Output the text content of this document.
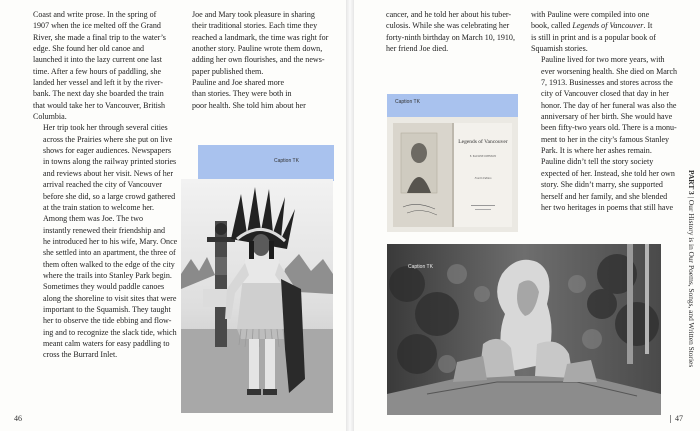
Coast and write prose. In the spring of
1907 when the ice melted off the Grand
River, she made a final trip to the water’s
edge. She found her old canoe and
launched it into the lazy current one last
time. After a few hours of paddling, she
landed her vessel and left it by the river-
bank. The next day she boarded the train
that would take her to Vancouver, British
Columbia.

Her trip took her through several cities
across the Prairies where she put on live
shows for eager audiences. Newspapers
in towns along the railway printed stories
and reviews about her visit. News of her
arrival reached the city of Vancouver
before she did, so a large crowd gathered
at the train station to welcome her.

Among them was Joe. The two
instantly renewed their friendship and
he introduced her to his wife, Mary. Once
she settled into an apartment, the three of
them often walked to the edge of the city
where the trails into Stanley Park begin.
Sometimes they would paddle canoes
along the shoreline to visit sites that were
important to the Squamish. They taught
her to observe the tide ebbing and flow-
ing and to recognize the slack tide, which
meant calm waters for easy paddling to
cross the Burrard Inlet.

Joe and Mary took pleasure in sharing
their traditional stories. Each time they
reached a landmark, the time was right for
another story. Pauline wrote them down,
adding her own flourishes, and the news-
paper published them.

Pauline and Joe shared more
than stories. They were both in
poor health. She told him about her

Caption TK
46

cancer, and he told her about his tuber-
culosis. While she was celebrating her
forty-ninth birthday on March 10, 1910,
her friend Joe died.

with Pauline were compiled into one
book, called Legends of Vancouver. It
is still in print and is a popular book of
Squamish stories.

Pauline lived for two more years, with
ever worsening health. She died on March
7, 1913. Businesses and stores across the
city of Vancouver closed that day in her
honor. The day of her funeral was also the
anniversary of her birth. She would have
been fifty-two years old. There is a monu-
ment to her in the city’s famous Stanley
Park. It is where her ashes remain.

Pauline didn’t tell the story society
expected of her. Instead, she told her own
story. She didn’t marry, she supported
herself and her family, and she blended
her two heritages in poems that still have

Caption TK
Legends of Vancouver
E. PAULINE JOHNSON
Fourth Edition
Caption TK
47
PART 3 | Our History is in Our Poems, Songs, and Written Stories
